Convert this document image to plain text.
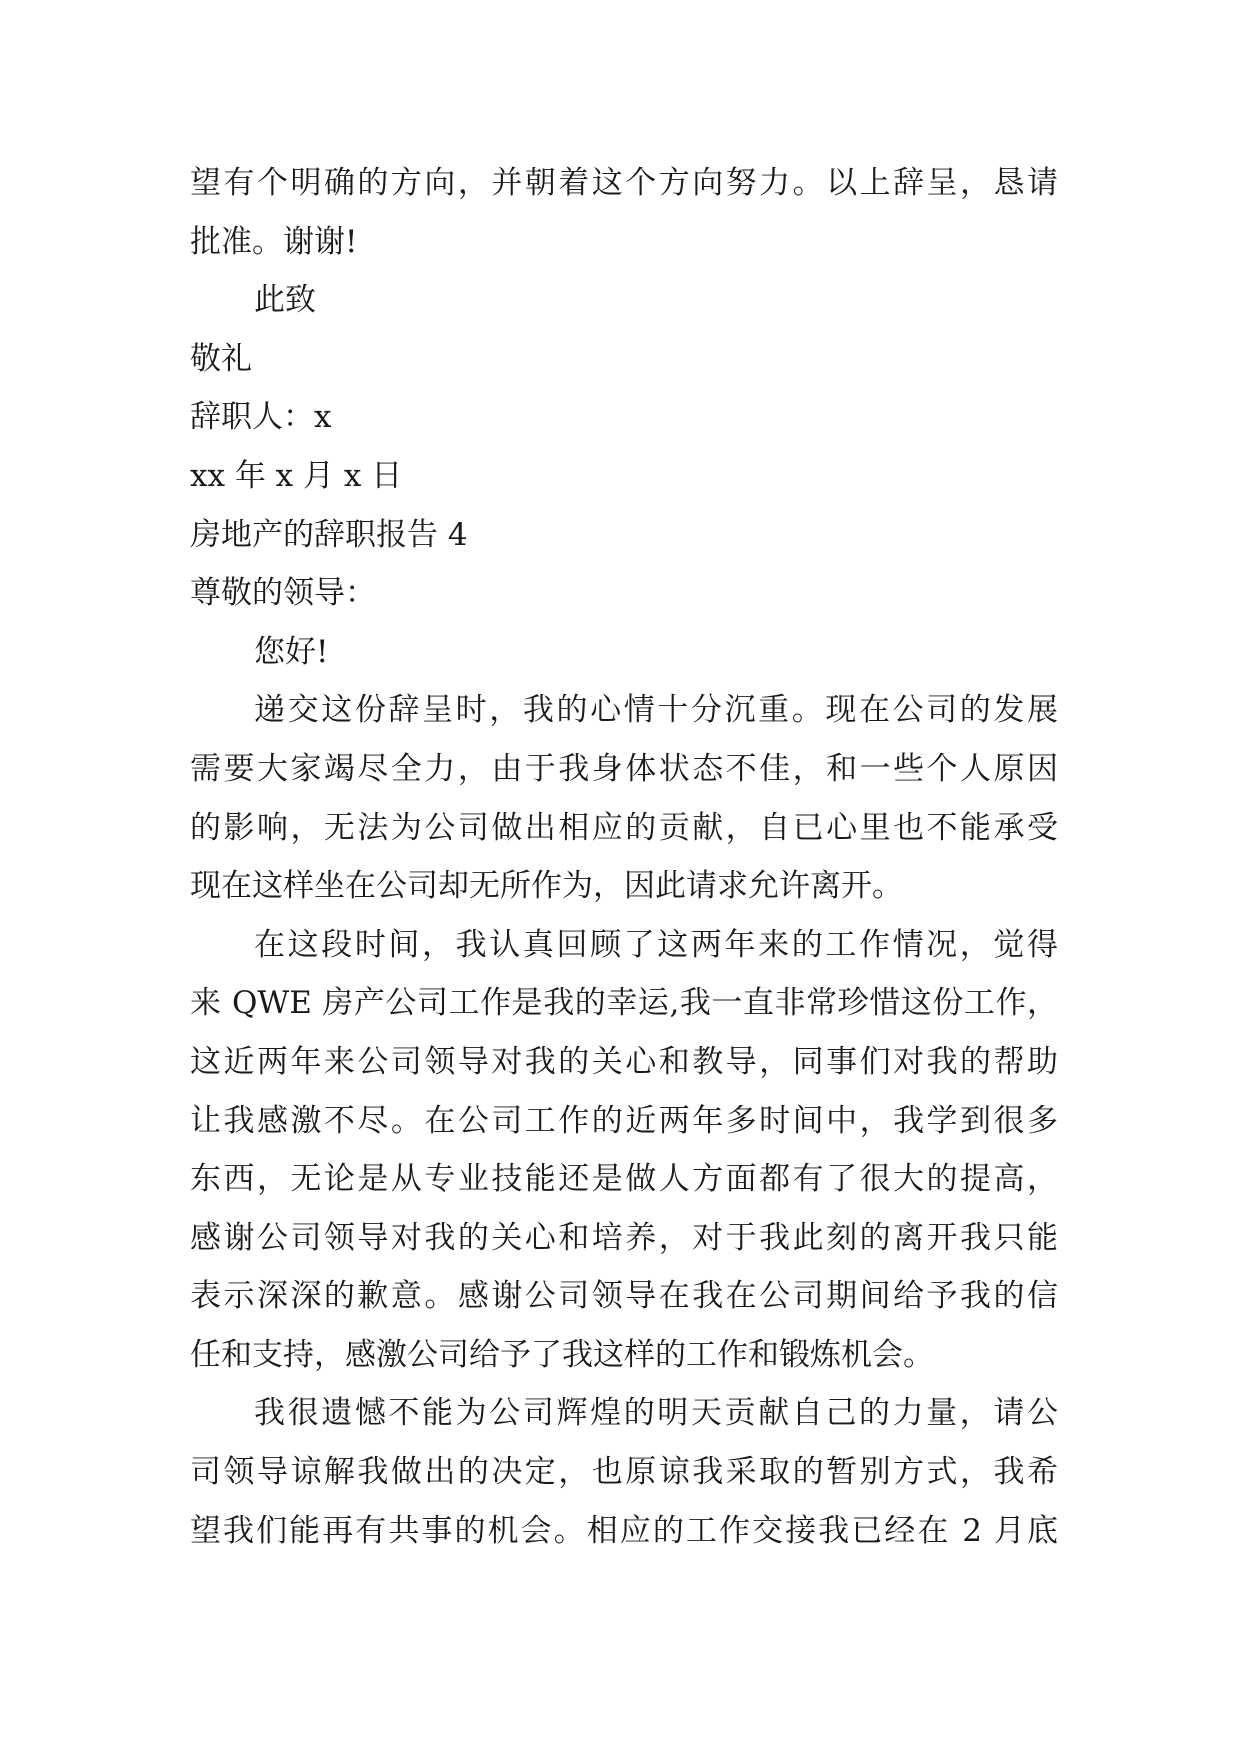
望有个明确的方向，并朝着这个方向努力。以上辞呈，恳请
批准。谢谢!
此致
敬礼
辞职人：x
xx 年 x 月 x 日
房地产的辞职报告 4
尊敬的领导：
您好!
递交这份辞呈时，我的心情十分沉重。现在公司的发展
需要大家竭尽全力，由于我身体状态不佳，和一些个人原因
的影响，无法为公司做出相应的贡献，自已心里也不能承受
现在这样坐在公司却无所作为，因此请求允许离开。
在这段时间，我认真回顾了这两年来的工作情况，觉得
来 QWE 房产公司工作是我的幸运,我一直非常珍惜这份工作，
这近两年来公司领导对我的关心和教导，同事们对我的帮助
让我感激不尽。在公司工作的近两年多时间中，我学到很多
东西，无论是从专业技能还是做人方面都有了很大的提高，
感谢公司领导对我的关心和培养，对于我此刻的离开我只能
表示深深的歉意。感谢公司领导在我在公司期间给予我的信
任和支持，感激公司给予了我这样的工作和锻炼机会。
我很遗憾不能为公司辉煌的明天贡献自己的力量，请公
司领导谅解我做出的决定，也原谅我采取的暂别方式，我希
望我们能再有共事的机会。相应的工作交接我已经在 2 月底
